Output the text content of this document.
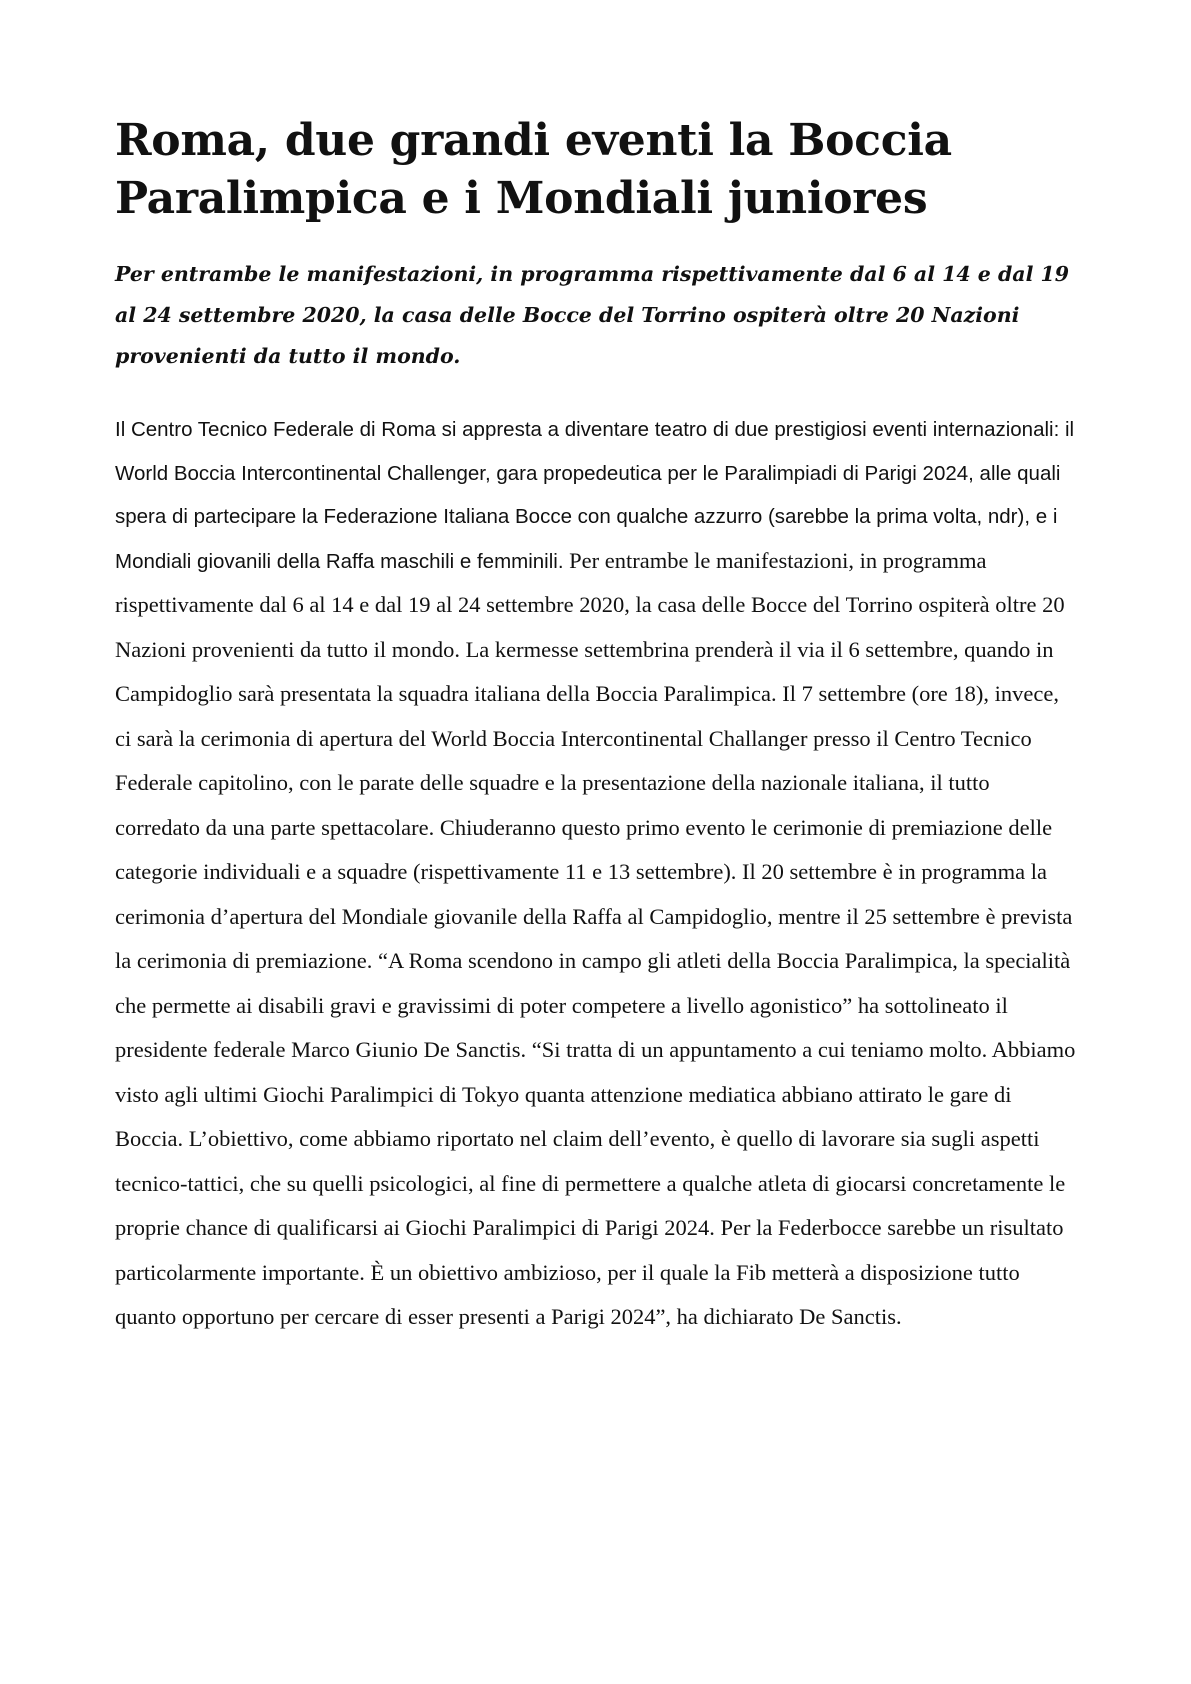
Roma, due grandi eventi la Boccia Paralimpica e i Mondiali juniores

Per entrambe le manifestazioni, in programma rispettivamente dal 6 al 14 e dal 19 al 24 settembre 2020, la casa delle Bocce del Torrino ospiterà oltre 20 Nazioni provenienti da tutto il mondo.

Il Centro Tecnico Federale di Roma si appresta a diventare teatro di due prestigiosi eventi internazionali: il World Boccia Intercontinental Challenger, gara propedeutica per le Paralimpiadi di Parigi 2024, alle quali spera di partecipare la Federazione Italiana Bocce con qualche azzurro (sarebbe la prima volta, ndr), e i Mondiali giovanili della Raffa maschili e femminili. Per entrambe le manifestazioni, in programma rispettivamente dal 6 al 14 e dal 19 al 24 settembre 2020, la casa delle Bocce del Torrino ospiterà oltre 20 Nazioni provenienti da tutto il mondo. La kermesse settembrina prenderà il via il 6 settembre, quando in Campidoglio sarà presentata la squadra italiana della Boccia Paralimpica. Il 7 settembre (ore 18), invece, ci sarà la cerimonia di apertura del World Boccia Intercontinental Challanger presso il Centro Tecnico Federale capitolino, con le parate delle squadre e la presentazione della nazionale italiana, il tutto corredato da una parte spettacolare. Chiuderanno questo primo evento le cerimonie di premiazione delle categorie individuali e a squadre (rispettivamente 11 e 13 settembre). Il 20 settembre è in programma la cerimonia d’apertura del Mondiale giovanile della Raffa al Campidoglio, mentre il 25 settembre è prevista la cerimonia di premiazione. “A Roma scendono in campo gli atleti della Boccia Paralimpica, la specialità che permette ai disabili gravi e gravissimi di poter competere a livello agonistico” ha sottolineato il presidente federale Marco Giunio De Sanctis. “Si tratta di un appuntamento a cui teniamo molto. Abbiamo visto agli ultimi Giochi Paralimpici di Tokyo quanta attenzione mediatica abbiano attirato le gare di Boccia. L’obiettivo, come abbiamo riportato nel claim dell’evento, è quello di lavorare sia sugli aspetti tecnico-tattici, che su quelli psicologici, al fine di permettere a qualche atleta di giocarsi concretamente le proprie chance di qualificarsi ai Giochi Paralimpici di Parigi 2024. Per la Federbocce sarebbe un risultato particolarmente importante. È un obiettivo ambizioso, per il quale la Fib metterà a disposizione tutto quanto opportuno per cercare di esser presenti a Parigi 2024”, ha dichiarato De Sanctis.
